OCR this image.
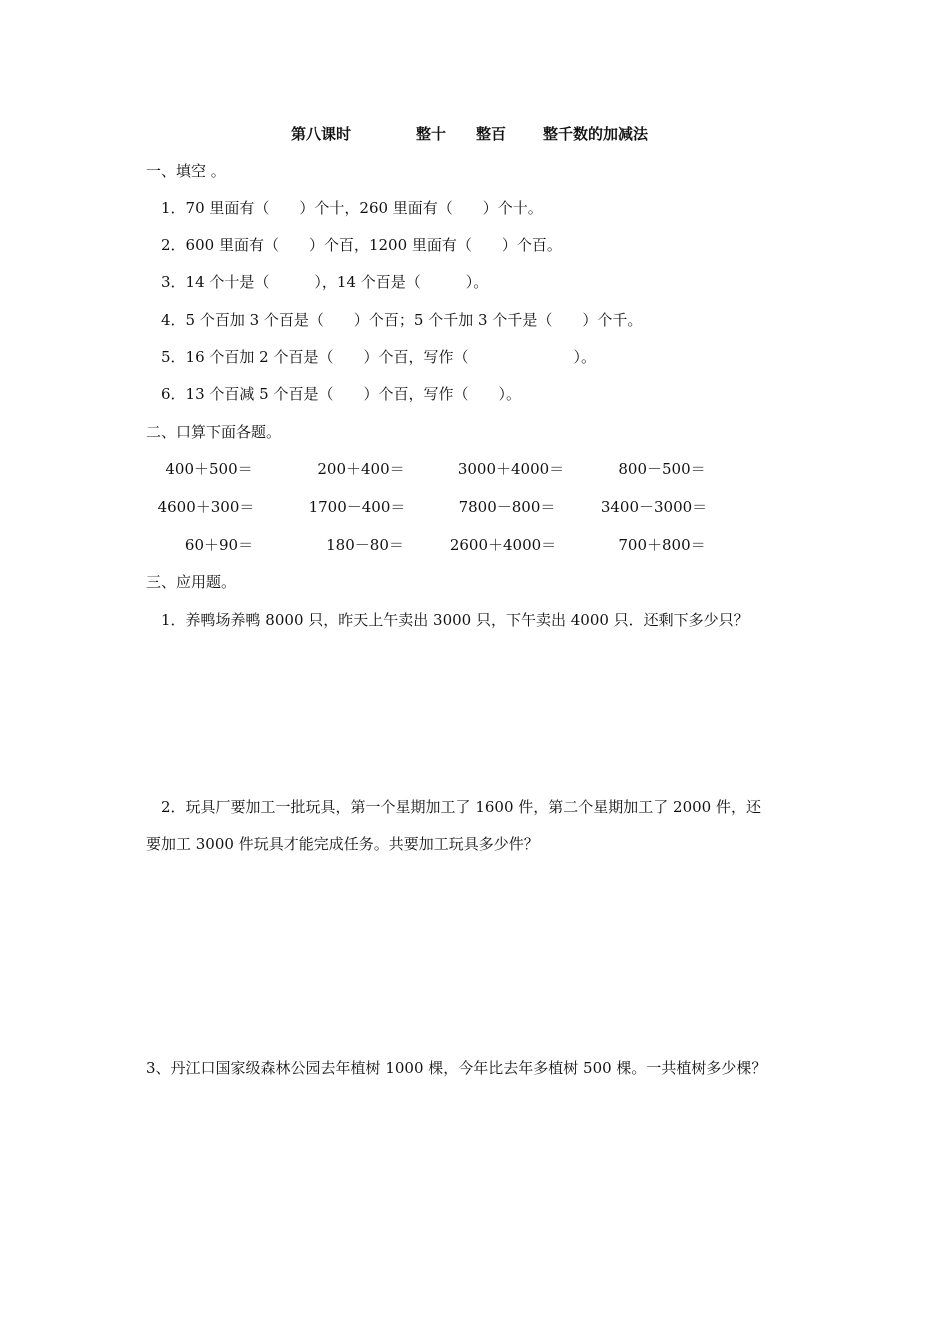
第八课时	整十 整百 整千数的加减法
一、填空 。
1．70 里面有（　　）个十，260 里面有（　　）个十。
2．600 里面有（　　）个百，1200 里面有（　　）个百。
3．14 个十是（　　　），14 个百是（　　　）。
4．5 个百加 3 个百是（　　）个百；5 个千加 3 个千是（　　）个千。
5．16 个百加 2 个百是（　　）个百，写作（　　　　　　　）。
6．13 个百减 5 个百是（　　）个百，写作（　　）。
二、口算下面各题。
400＋500＝	200＋400＝	3000＋4000＝	800－500＝
4600＋300＝	1700－400＝	7800－800＝	3400－3000＝
60＋90＝	180－80＝	2600＋4000＝	700＋800＝
三、应用题。
1．养鸭场养鸭 8000 只，昨天上午卖出 3000 只，下午卖出 4000 只．还剩下多少只？
2．玩具厂要加工一批玩具，第一个星期加工了 1600 件，第二个星期加工了 2000 件，还
要加工 3000 件玩具才能完成任务。共要加工玩具多少件？
3、丹江口国家级森林公园去年植树 1000 棵，今年比去年多植树 500 棵。一共植树多少棵？
